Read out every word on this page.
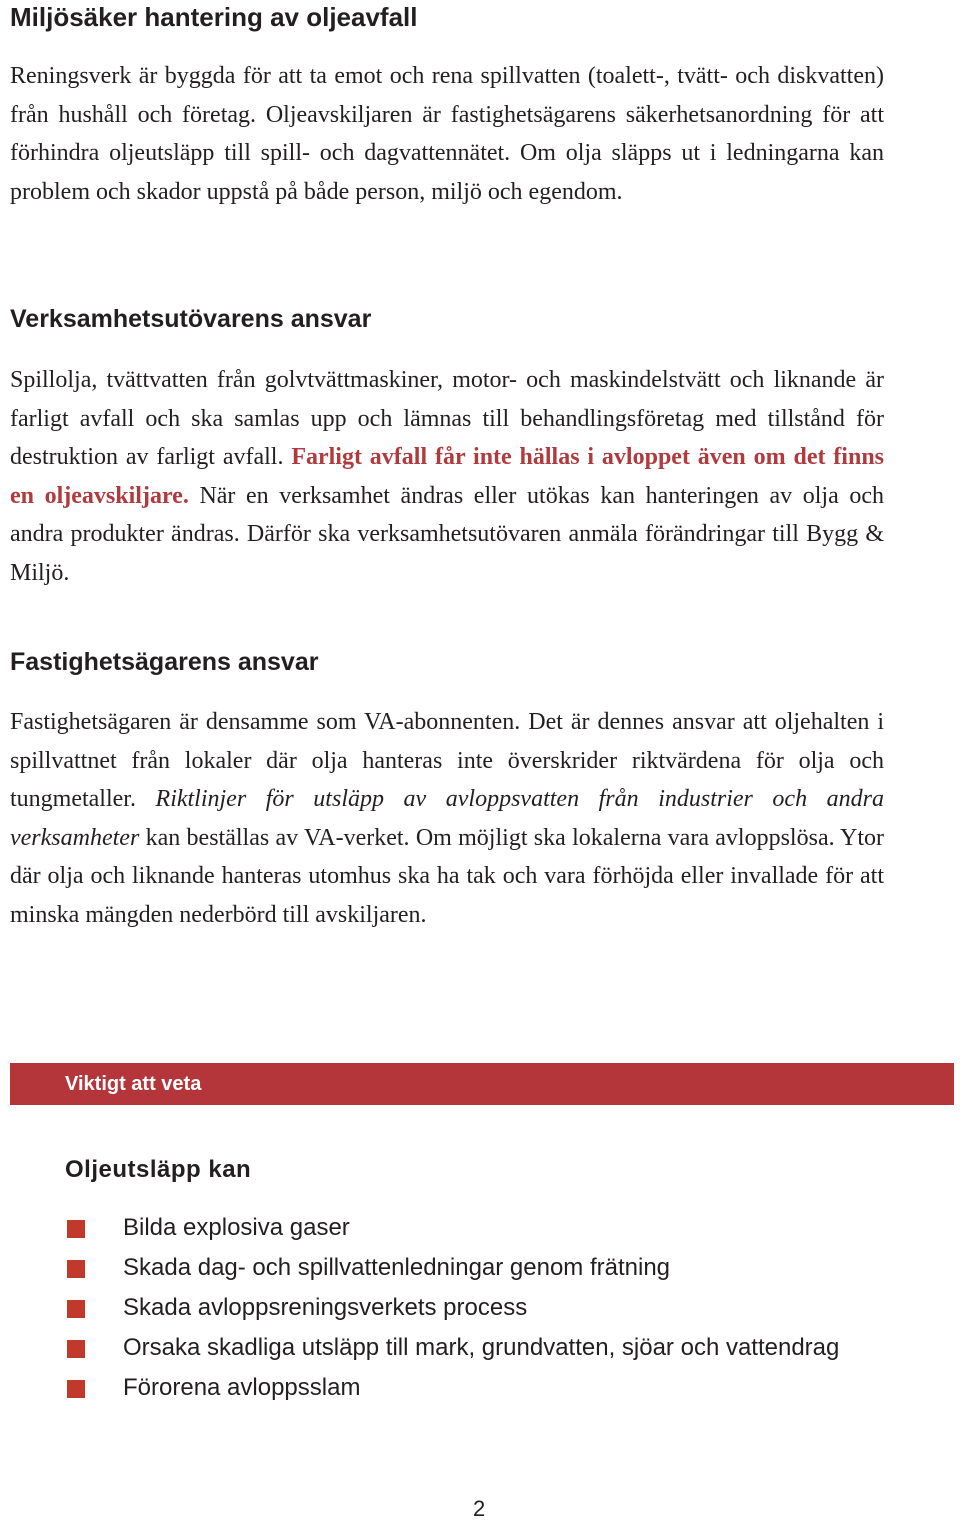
Miljösäker hantering av oljeavfall

Reningsverk är byggda för att ta emot och rena spillvatten (toalett-, tvätt- och diskvatten) från hushåll och företag. Oljeavskiljaren är fastighetsägarens säkerhetsanordning för att förhindra oljeutsläpp till spill- och dagvattennätet. Om olja släpps ut i ledningarna kan problem och skador uppstå på både person, miljö och egendom.

Verksamhetsutövarens ansvar

Spillolja, tvättvatten från golvtvättmaskiner, motor- och maskindelstvätt och liknande är farligt avfall och ska samlas upp och lämnas till behandlingsföretag med tillstånd för destruktion av farligt avfall. Farligt avfall får inte hällas i avloppet även om det finns en oljeavskiljare. När en verksamhet ändras eller utökas kan hanteringen av olja och andra produkter ändras. Därför ska verksamhetsutövaren anmäla förändringar till Bygg & Miljö.

Fastighetsägarens ansvar

Fastighetsägaren är densamme som VA-abonnenten. Det är dennes ansvar att oljehalten i spillvattnet från lokaler där olja hanteras inte överskrider riktvärdena för olja och tungmetaller. Riktlinjer för utsläpp av avloppsvatten från industrier och andra verksamheter kan beställas av VA-verket. Om möjligt ska lokalerna vara avloppslösa. Ytor där olja och liknande hanteras utomhus ska ha tak och vara förhöjda eller invallade för att minska mängden nederbörd till avskiljaren.

Viktigt att veta
Oljeutsläpp kan
Bilda explosiva gaser
Skada dag- och spillvattenledningar genom frätning
Skada avloppsreningsverkets process
Orsaka skadliga utsläpp till mark, grundvatten, sjöar och vattendrag
Förorena avloppsslam
2
